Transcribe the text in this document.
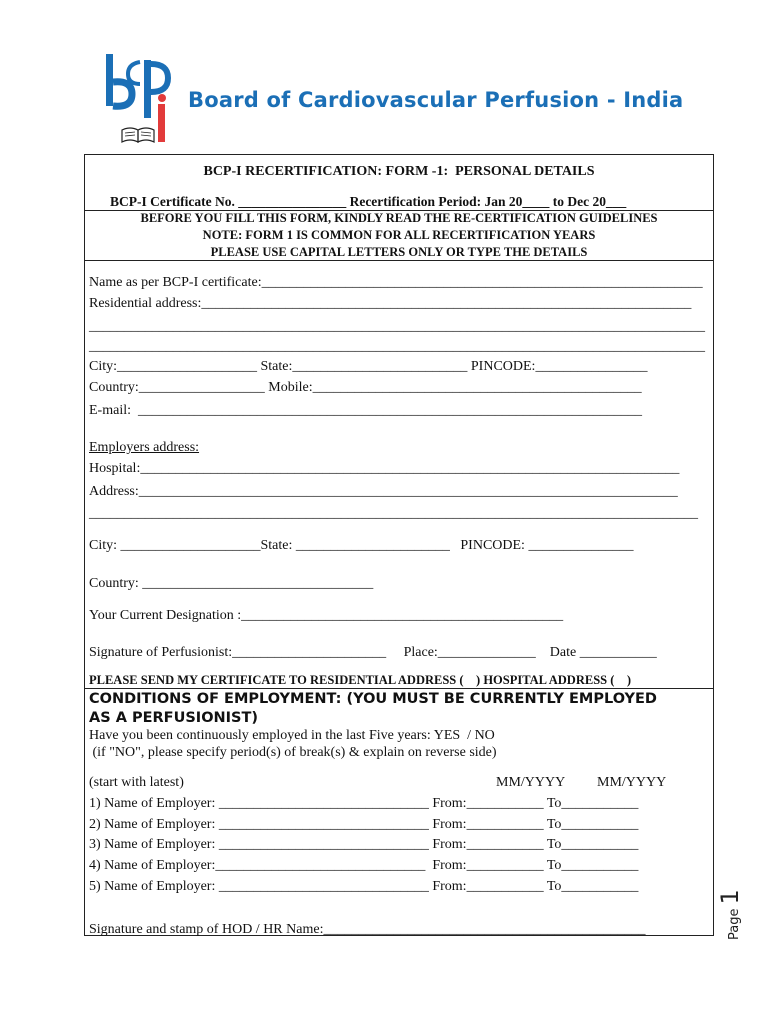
Board of Cardiovascular Perfusion - India
BCP-I RECERTIFICATION: FORM -1:  PERSONAL DETAILS
BCP-I Certificate No. ________________ Recertification Period: Jan 20____ to Dec 20___
BEFORE YOU FILL THIS FORM, KINDLY READ THE RE-CERTIFICATION GUIDELINES
NOTE: FORM 1 IS COMMON FOR ALL RECERTIFICATION YEARS
PLEASE USE CAPITAL LETTERS ONLY OR TYPE THE DETAILS
Name as per BCP-I certificate:_______________________________________________________________
Residential address:______________________________________________________________________
________________________________________________________________________________________
________________________________________________________________________________________
City:____________________ State:_________________________ PINCODE:________________
Country:__________________ Mobile:_______________________________________________
E-mail:  ________________________________________________________________________
Employers address:
Hospital:_____________________________________________________________________________
Address:_____________________________________________________________________________
_______________________________________________________________________________________
City: ____________________State: ______________________   PINCODE: _______________
Country: _________________________________
Your Current Designation :______________________________________________
Signature of Perfusionist:______________________     Place:______________    Date ___________
PLEASE SEND MY CERTIFICATE TO RESIDENTIAL ADDRESS (    ) HOSPITAL ADDRESS (    )
CONDITIONS OF EMPLOYMENT: (YOU MUST BE CURRENTLY EMPLOYED
AS A PERFUSIONIST)
Have you been continuously employed in the last Five years: YES  / NO
(if "NO", please specify period(s) of break(s) & explain on reverse side)
(start with latest)	MM/YYYY MM/YYYY
1) Name of Employer: ______________________________ From:___________ To___________
2) Name of Employer: ______________________________ From:___________ To___________
3) Name of Employer: ______________________________ From:___________ To___________
4) Name of Employer:______________________________  From:___________ To___________
5) Name of Employer: ______________________________ From:___________ To___________
Signature and stamp of HOD / HR Name:______________________________________________	Page1
